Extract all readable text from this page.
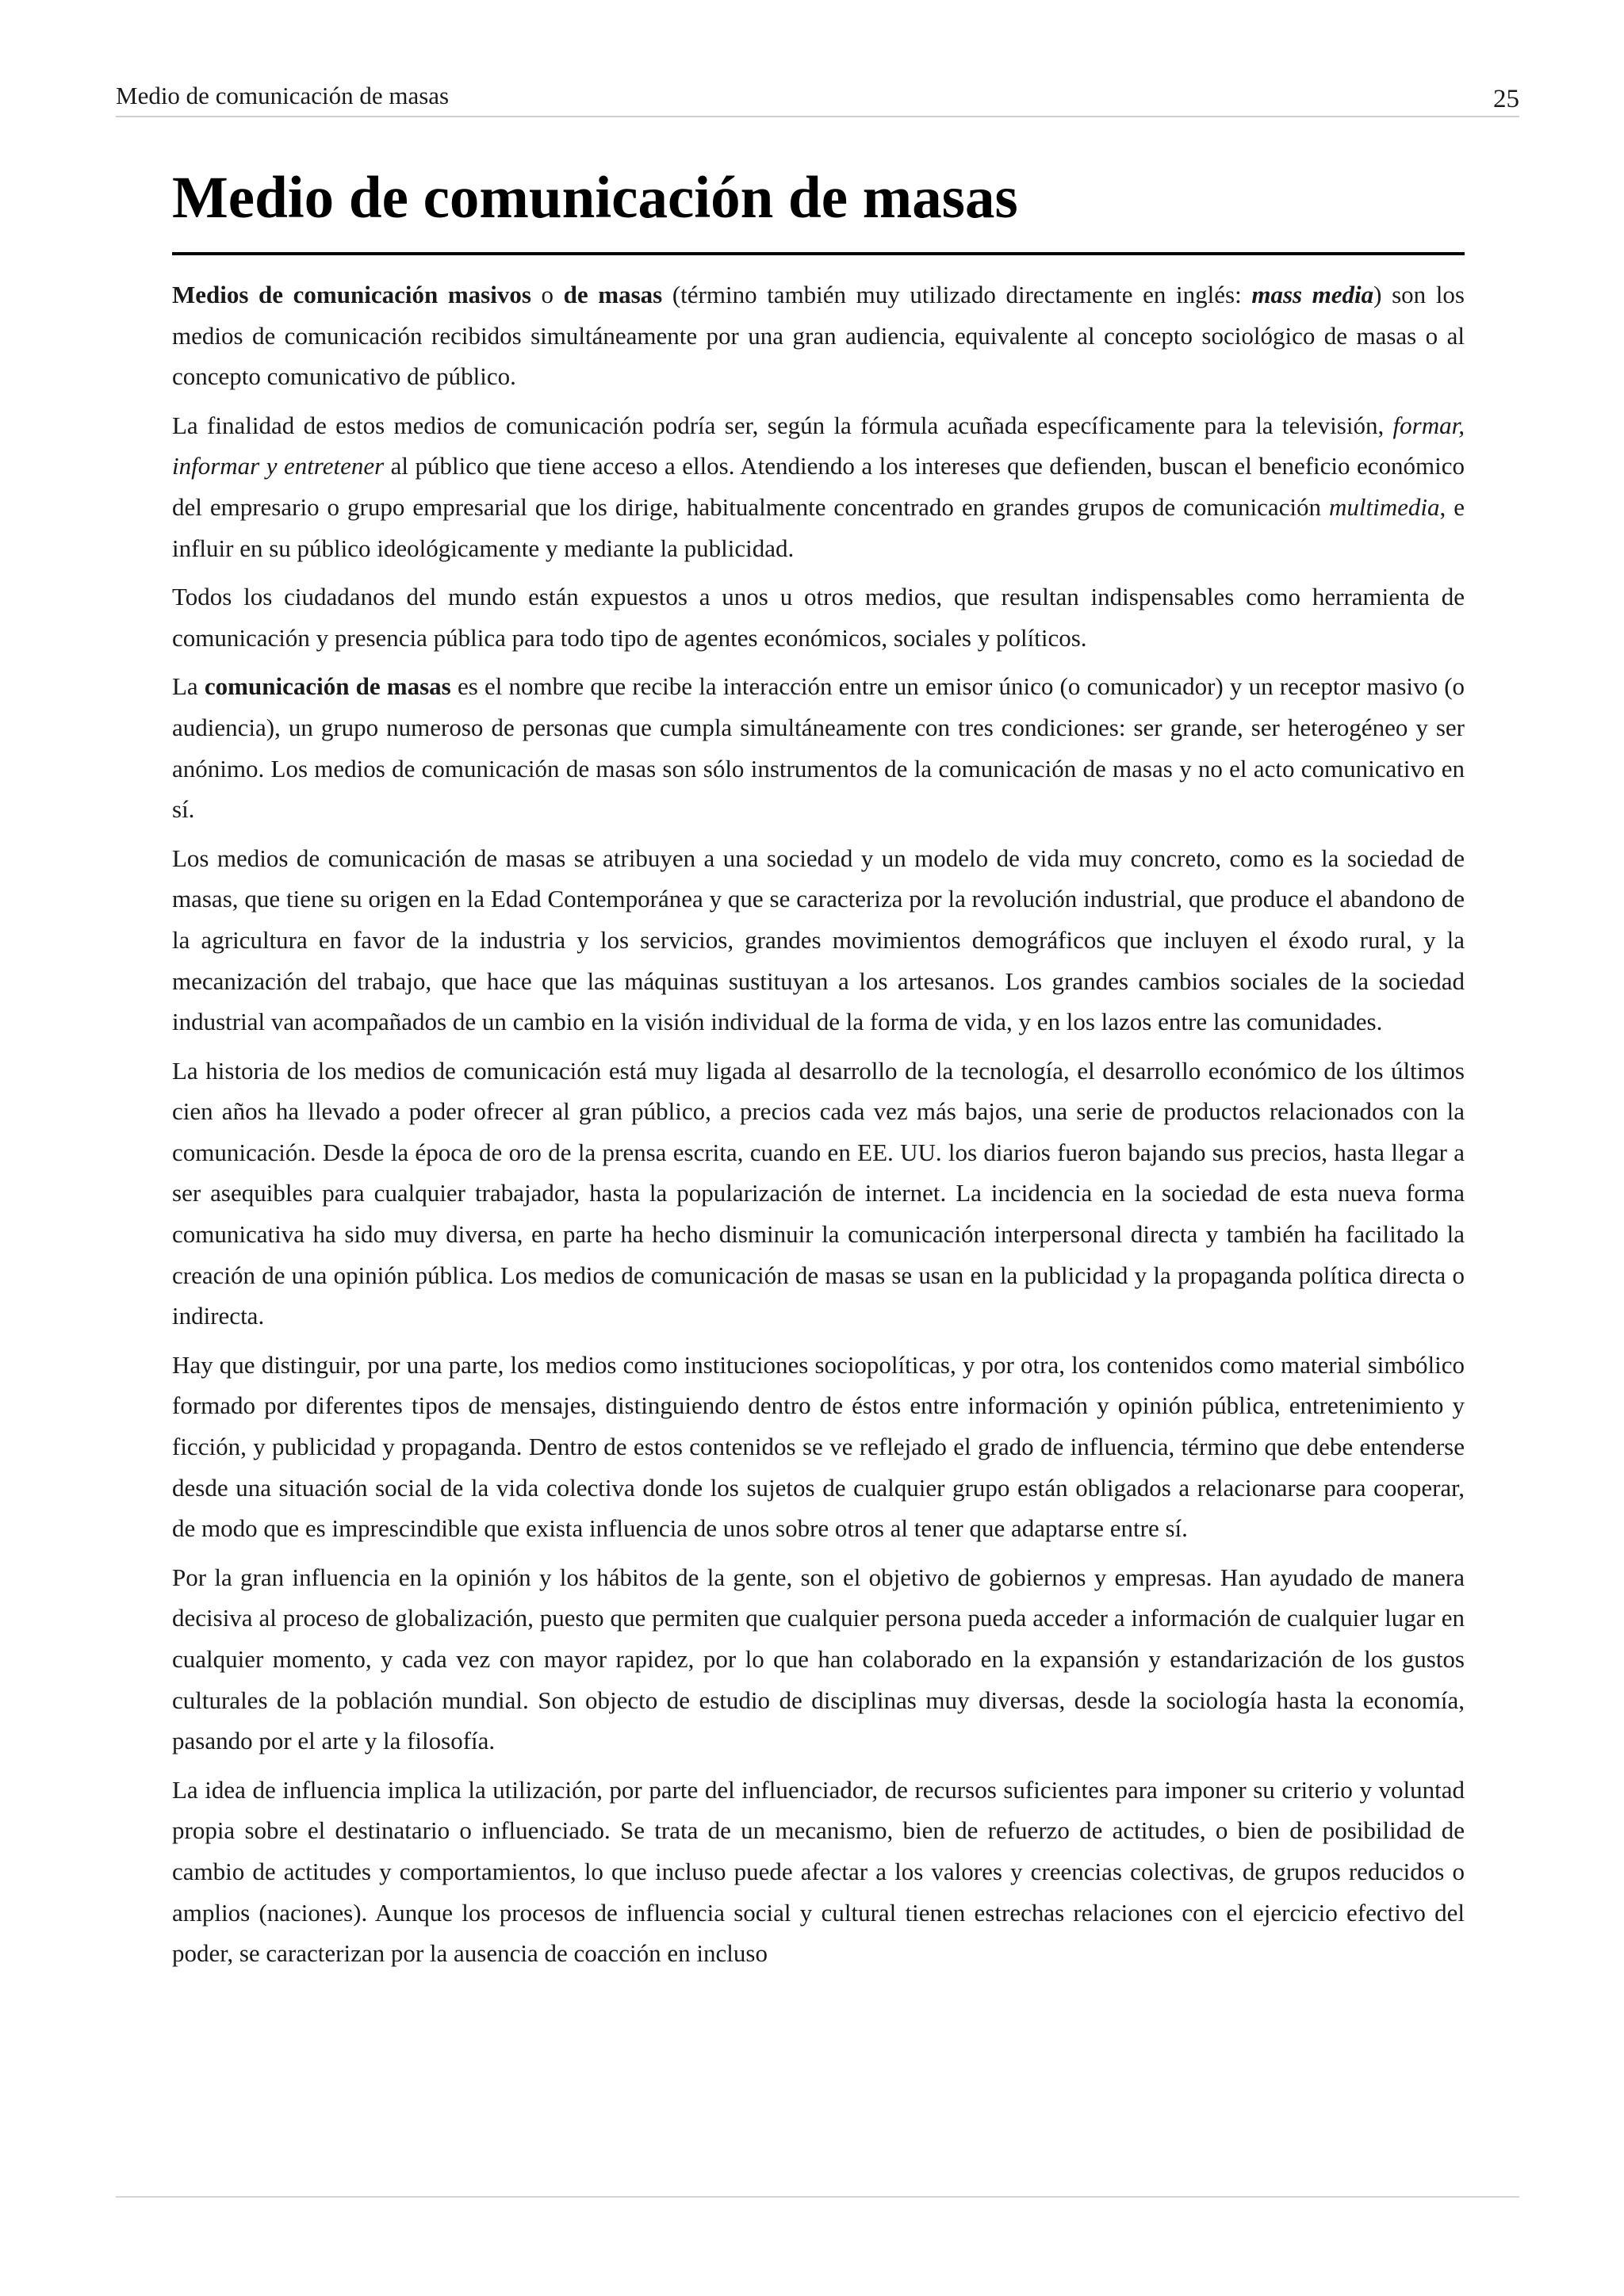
Medio de comunicación de masas	25
Medio de comunicación de masas

Medios de comunicación masivos o de masas (término también muy utilizado directamente en inglés: mass media) son los medios de comunicación recibidos simultáneamente por una gran audiencia, equivalente al concepto sociológico de masas o al concepto comunicativo de público.

La finalidad de estos medios de comunicación podría ser, según la fórmula acuñada específicamente para la televisión, formar, informar y entretener al público que tiene acceso a ellos. Atendiendo a los intereses que defienden, buscan el beneficio económico del empresario o grupo empresarial que los dirige, habitualmente concentrado en grandes grupos de comunicación multimedia, e influir en su público ideológicamente y mediante la publicidad.

Todos los ciudadanos del mundo están expuestos a unos u otros medios, que resultan indispensables como herramienta de comunicación y presencia pública para todo tipo de agentes económicos, sociales y políticos.

La comunicación de masas es el nombre que recibe la interacción entre un emisor único (o comunicador) y un receptor masivo (o audiencia), un grupo numeroso de personas que cumpla simultáneamente con tres condiciones: ser grande, ser heterogéneo y ser anónimo. Los medios de comunicación de masas son sólo instrumentos de la comunicación de masas y no el acto comunicativo en sí.

Los medios de comunicación de masas se atribuyen a una sociedad y un modelo de vida muy concreto, como es la sociedad de masas, que tiene su origen en la Edad Contemporánea y que se caracteriza por la revolución industrial, que produce el abandono de la agricultura en favor de la industria y los servicios, grandes movimientos demográficos que incluyen el éxodo rural, y la mecanización del trabajo, que hace que las máquinas sustituyan a los artesanos. Los grandes cambios sociales de la sociedad industrial van acompañados de un cambio en la visión individual de la forma de vida, y en los lazos entre las comunidades.

La historia de los medios de comunicación está muy ligada al desarrollo de la tecnología, el desarrollo económico de los últimos cien años ha llevado a poder ofrecer al gran público, a precios cada vez más bajos, una serie de productos relacionados con la comunicación. Desde la época de oro de la prensa escrita, cuando en EE. UU. los diarios fueron bajando sus precios, hasta llegar a ser asequibles para cualquier trabajador, hasta la popularización de internet. La incidencia en la sociedad de esta nueva forma comunicativa ha sido muy diversa, en parte ha hecho disminuir la comunicación interpersonal directa y también ha facilitado la creación de una opinión pública. Los medios de comunicación de masas se usan en la publicidad y la propaganda política directa o indirecta.

Hay que distinguir, por una parte, los medios como instituciones sociopolíticas, y por otra, los contenidos como material simbólico formado por diferentes tipos de mensajes, distinguiendo dentro de éstos entre información y opinión pública, entretenimiento y ficción, y publicidad y propaganda. Dentro de estos contenidos se ve reflejado el grado de influencia, término que debe entenderse desde una situación social de la vida colectiva donde los sujetos de cualquier grupo están obligados a relacionarse para cooperar, de modo que es imprescindible que exista influencia de unos sobre otros al tener que adaptarse entre sí.

Por la gran influencia en la opinión y los hábitos de la gente, son el objetivo de gobiernos y empresas. Han ayudado de manera decisiva al proceso de globalización, puesto que permiten que cualquier persona pueda acceder a información de cualquier lugar en cualquier momento, y cada vez con mayor rapidez, por lo que han colaborado en la expansión y estandarización de los gustos culturales de la población mundial. Son objecto de estudio de disciplinas muy diversas, desde la sociología hasta la economía, pasando por el arte y la filosofía.

La idea de influencia implica la utilización, por parte del influenciador, de recursos suficientes para imponer su criterio y voluntad propia sobre el destinatario o influenciado. Se trata de un mecanismo, bien de refuerzo de actitudes, o bien de posibilidad de cambio de actitudes y comportamientos, lo que incluso puede afectar a los valores y creencias colectivas, de grupos reducidos o amplios (naciones). Aunque los procesos de influencia social y cultural tienen estrechas relaciones con el ejercicio efectivo del poder, se caracterizan por la ausencia de coacción en incluso
